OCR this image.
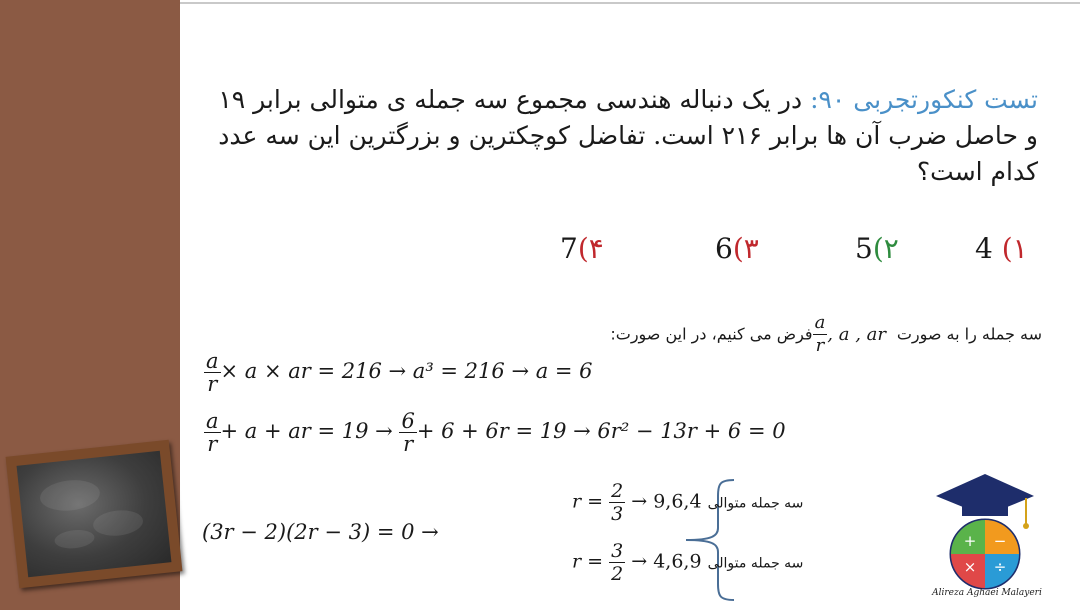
تست کنکورتجربی ۹۰: در یک دنباله هندسی مجموع سه جمله ی متوالی برابر ۱۹ و حاصل ضرب آن ها برابر ۲۱۶ است. تفاضل کوچکترین و بزرگترین این سه عدد کدام است؟
4 (۱
5(۲
6(۳
7(۴
سه جمله را به صورت
$\frac{a}{r}$ , a , ar فرض می کنیم، در این صورت:
$\frac{a}{r} \times a$ × ar = 216 → a³ = 216 → a = 6
$\frac{a}{r} + a$ + ar = $19 \to \frac{6}{r} + 6 + 6r = 19 \to 6r^2 - 13r + 6 = 0$
(3r − 2)(2r − 3) = 0 →
$r = \frac{2}{3}$ →	سه جمله متوالی 9,6,4
$r = \frac{3}{2}$ →	سه جمله متوالی 4,6,9
+ −
× ÷
Alireza Aghaei Malayeri
